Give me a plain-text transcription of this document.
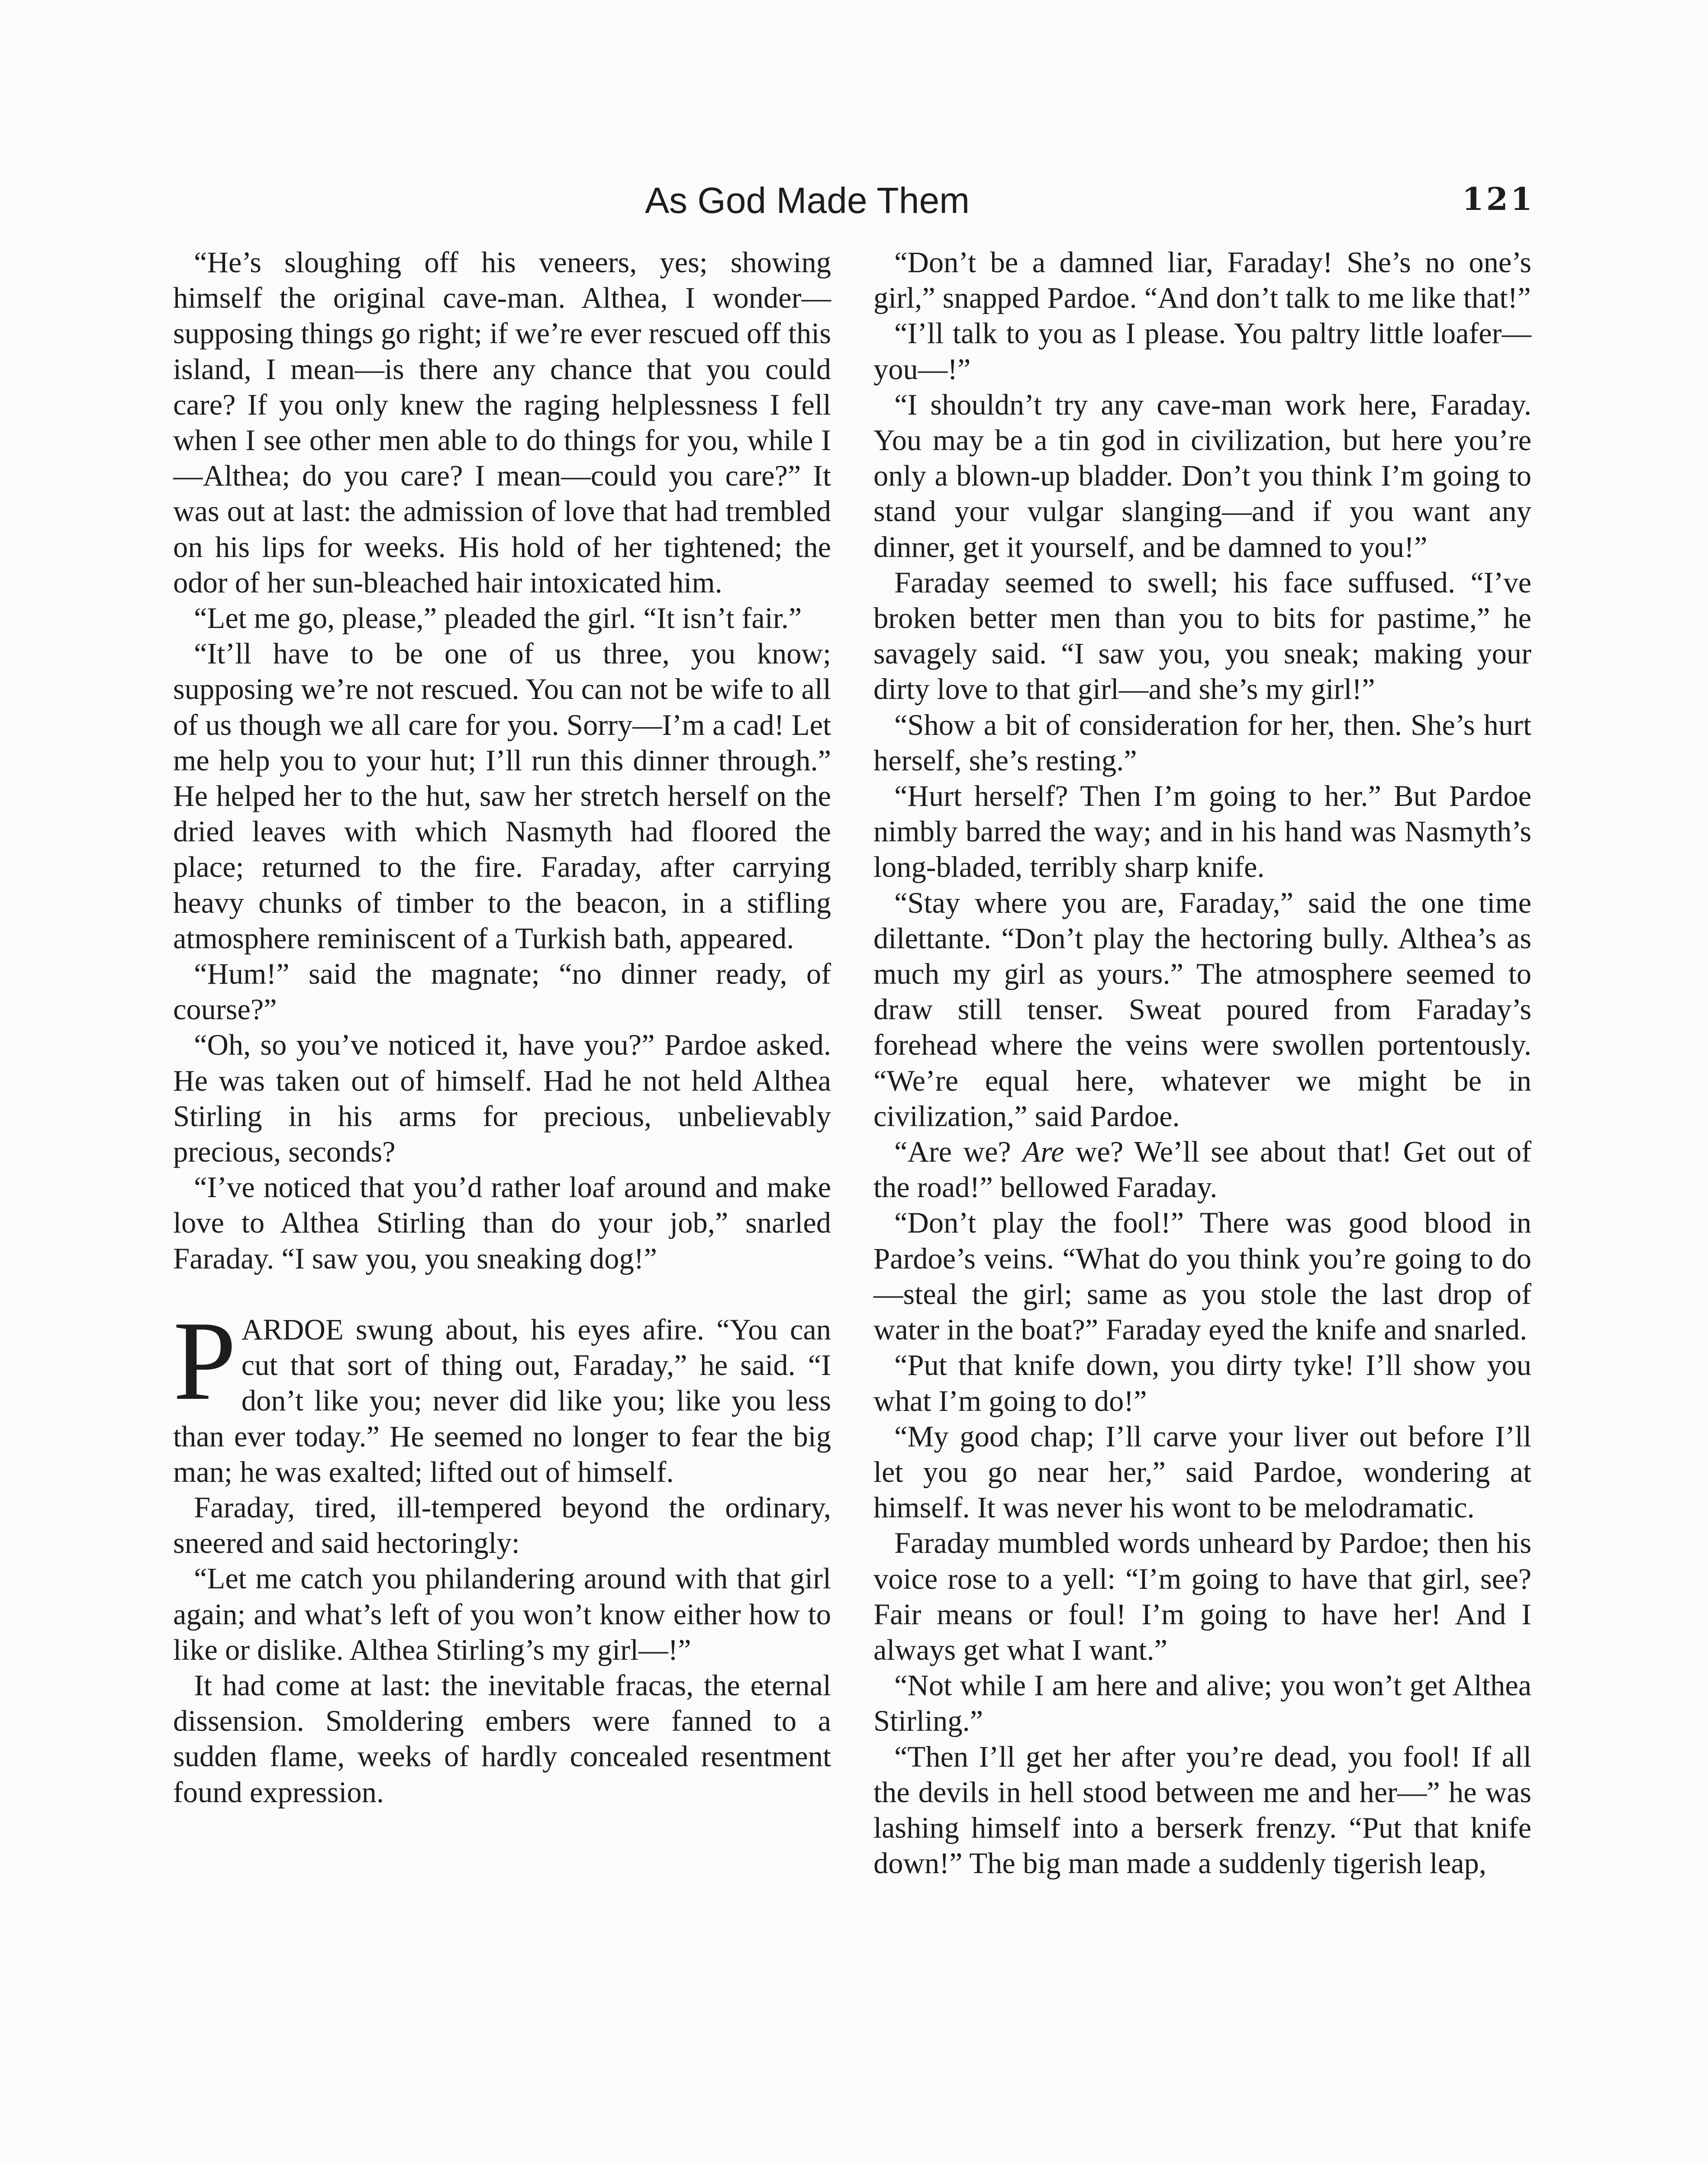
As God Made Them	121

“He’s sloughing off his veneers, yes; showing himself the original cave-man. Althea, I wonder—supposing things go right; if we’re ever rescued off this island, I mean—is there any chance that you could care? If you only knew the raging helplessness I fell when I see other men able to do things for you, while I—Althea; do you care? I mean—could you care?” It was out at last: the admission of love that had trembled on his lips for weeks. His hold of her tightened; the odor of her sun-bleached hair intoxicated him.

“Let me go, please,” pleaded the girl. “It isn’t fair.”

“It’ll have to be one of us three, you know; supposing we’re not rescued. You can not be wife to all of us though we all care for you. Sorry—I’m a cad! Let me help you to your hut; I’ll run this dinner through.” He helped her to the hut, saw her stretch herself on the dried leaves with which Nasmyth had floored the place; returned to the fire. Faraday, after carrying heavy chunks of timber to the beacon, in a stifling atmosphere reminiscent of a Turkish bath, appeared.

“Hum!” said the magnate; “no dinner ready, of course?”

“Oh, so you’ve noticed it, have you?” Pardoe asked. He was taken out of himself. Had he not held Althea Stirling in his arms for precious, unbelievably precious, seconds?

“I’ve noticed that you’d rather loaf around and make love to Althea Stirling than do your job,” snarled Faraday. “I saw you, you sneaking dog!”

PARDOE swung about, his eyes afire. “You can cut that sort of thing out, Faraday,” he said. “I don’t like you; never did like you; like you less than ever today.” He seemed no longer to fear the big man; he was exalted; lifted out of himself.

Faraday, tired, ill-tempered beyond the ordinary, sneered and said hectoringly:

“Let me catch you philandering around with that girl again; and what’s left of you won’t know either how to like or dislike. Althea Stirling’s my girl—!”

It had come at last: the inevitable fracas, the eternal dissension. Smoldering embers were fanned to a sudden flame, weeks of hardly concealed resentment found expression.

“Don’t be a damned liar, Faraday! She’s no one’s girl,” snapped Pardoe. “And don’t talk to me like that!”

“I’ll talk to you as I please. You paltry little loafer—you—!”

“I shouldn’t try any cave-man work here, Faraday. You may be a tin god in civilization, but here you’re only a blown-up bladder. Don’t you think I’m going to stand your vulgar slanging—and if you want any dinner, get it yourself, and be damned to you!”

Faraday seemed to swell; his face suffused. “I’ve broken better men than you to bits for pastime,” he savagely said. “I saw you, you sneak; making your dirty love to that girl—and she’s my girl!”

“Show a bit of consideration for her, then. She’s hurt herself, she’s resting.”

“Hurt herself? Then I’m going to her.” But Pardoe nimbly barred the way; and in his hand was Nasmyth’s long-bladed, terribly sharp knife.

“Stay where you are, Faraday,” said the one time dilettante. “Don’t play the hectoring bully. Althea’s as much my girl as yours.” The atmosphere seemed to draw still tenser. Sweat poured from Faraday’s forehead where the veins were swollen portentously. “We’re equal here, whatever we might be in civilization,” said Pardoe.

“Are we? Are we? We’ll see about that! Get out of the road!” bellowed Faraday.

“Don’t play the fool!” There was good blood in Pardoe’s veins. “What do you think you’re going to do—steal the girl; same as you stole the last drop of water in the boat?” Faraday eyed the knife and snarled.

“Put that knife down, you dirty tyke! I’ll show you what I’m going to do!”

“My good chap; I’ll carve your liver out before I’ll let you go near her,” said Pardoe, wondering at himself. It was never his wont to be melodramatic.

Faraday mumbled words unheard by Pardoe; then his voice rose to a yell: “I’m going to have that girl, see? Fair means or foul! I’m going to have her! And I always get what I want.”

“Not while I am here and alive; you won’t get Althea Stirling.”

“Then I’ll get her after you’re dead, you fool! If all the devils in hell stood between me and her—” he was lashing himself into a berserk frenzy. “Put that knife down!” The big man made a suddenly tigerish leap,
